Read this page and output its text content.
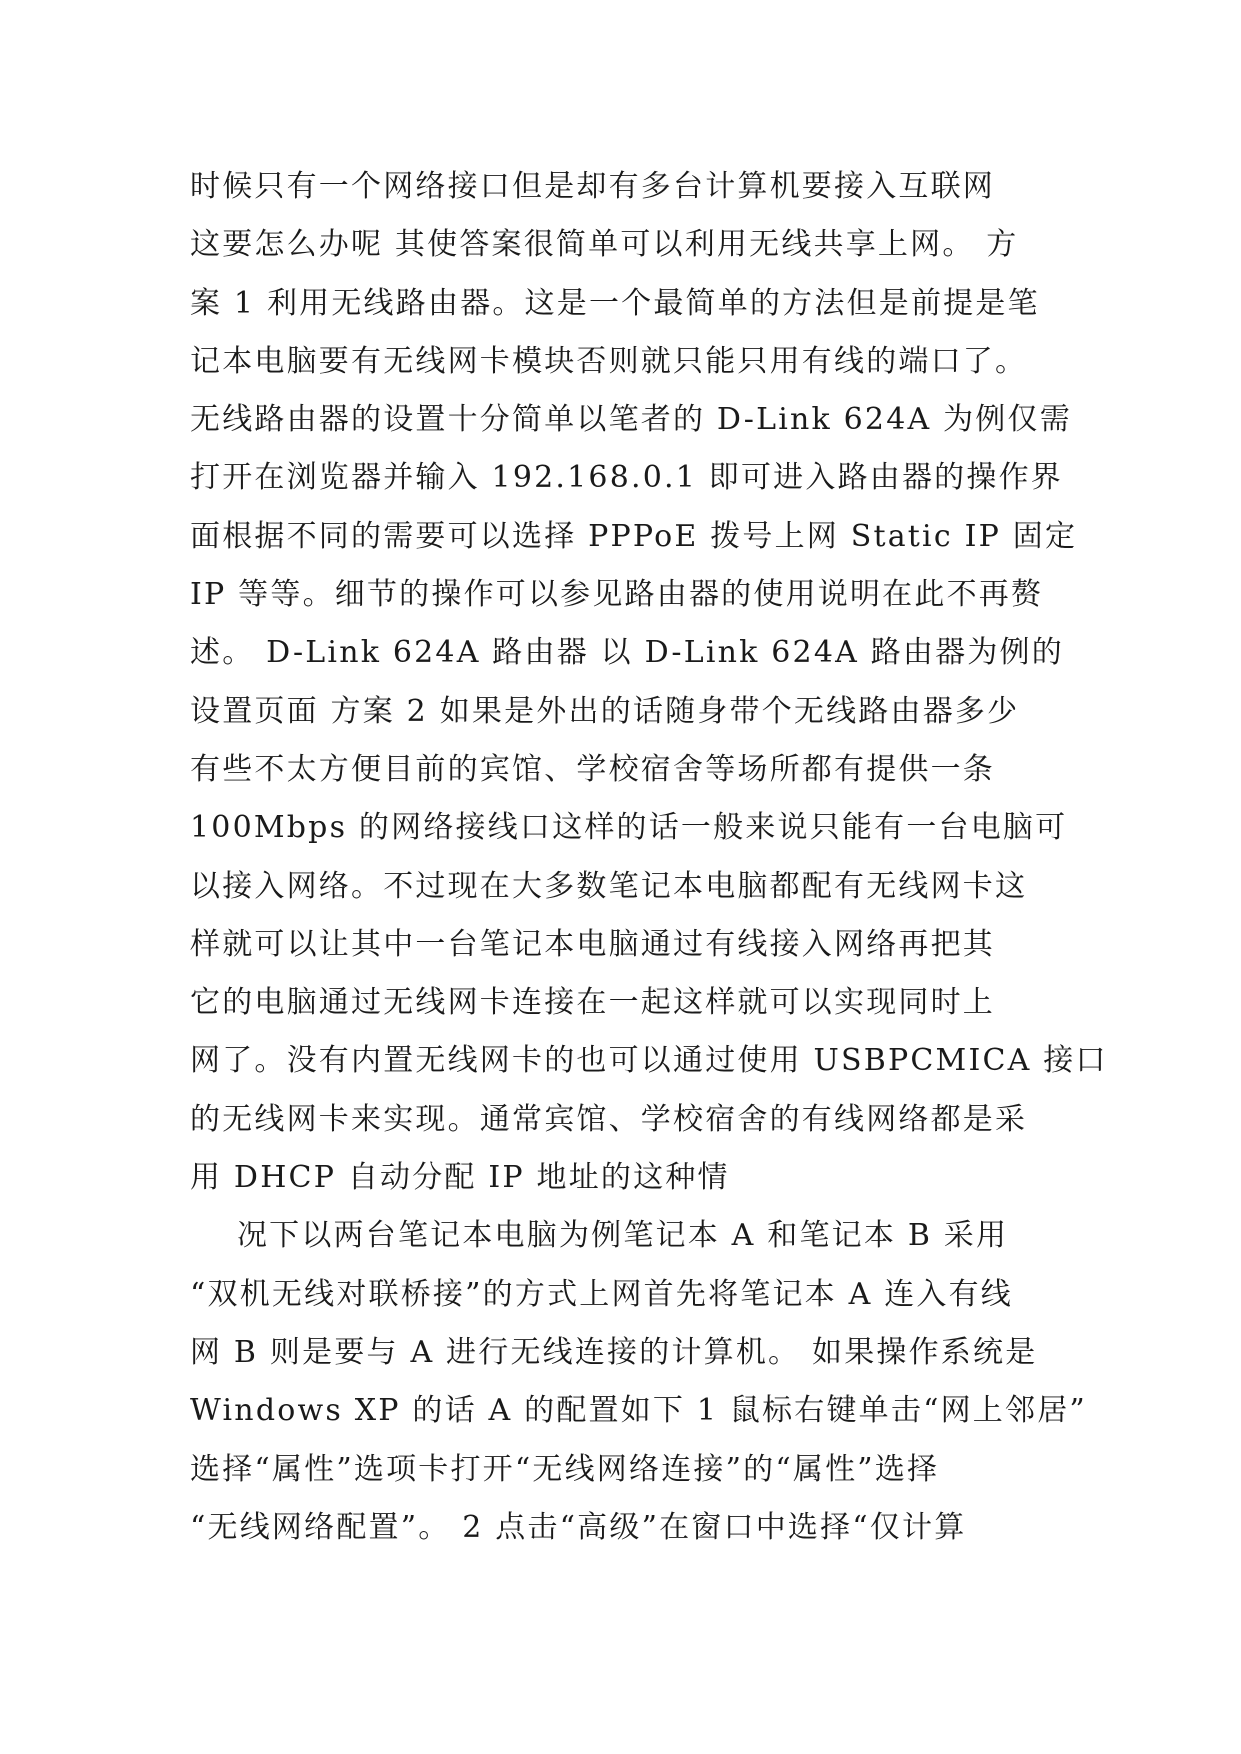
时候只有一个网络接口但是却有多台计算机要接入互联网
这要怎么办呢 其使答案很简单可以利用无线共享上网。 方
案 1 利用无线路由器。这是一个最简单的方法但是前提是笔
记本电脑要有无线网卡模块否则就只能只用有线的端口了。
无线路由器的设置十分简单以笔者的 D-Link 624A 为例仅需
打开在浏览器并输入 192.168.0.1 即可进入路由器的操作界
面根据不同的需要可以选择 PPPoE 拨号上网 Static IP 固定
IP 等等。细节的操作可以参见路由器的使用说明在此不再赘
述。 D-Link 624A 路由器 以 D-Link 624A 路由器为例的
设置页面 方案 2 如果是外出的话随身带个无线路由器多少
有些不太方便目前的宾馆、学校宿舍等场所都有提供一条
100Mbps 的网络接线口这样的话一般来说只能有一台电脑可
以接入网络。不过现在大多数笔记本电脑都配有无线网卡这
样就可以让其中一台笔记本电脑通过有线接入网络再把其
它的电脑通过无线网卡连接在一起这样就可以实现同时上
网了。没有内置无线网卡的也可以通过使用 USBPCMICA 接口
的无线网卡来实现。通常宾馆、学校宿舍的有线网络都是采
用 DHCP 自动分配 IP 地址的这种情
况下以两台笔记本电脑为例笔记本 A 和笔记本 B 采用
“双机无线对联桥接”的方式上网首先将笔记本 A 连入有线
网 B 则是要与 A 进行无线连接的计算机。 如果操作系统是
Windows XP 的话 A 的配置如下 1 鼠标右键单击“网上邻居”
选择“属性”选项卡打开“无线网络连接”的“属性”选择
“无线网络配置”。 2 点击“高级”在窗口中选择“仅计算
